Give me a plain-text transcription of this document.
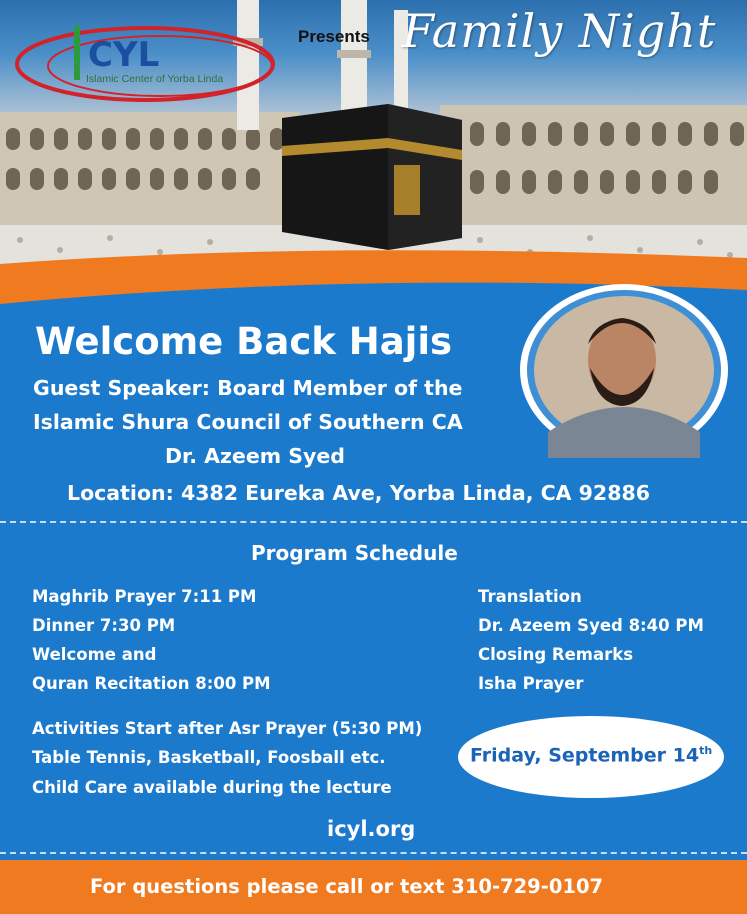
CYL
Islamic Center of Yorba Linda
Presents Family Night
Welcome Back Hajis
Guest Speaker: Board Member of the
Islamic Shura Council of Southern CA
Dr. Azeem Syed
Location: 4382 Eureka Ave, Yorba Linda, CA 92886
Program Schedule
Maghrib Prayer 7:11 PM
Dinner 7:30 PM
Welcome and
Quran Recitation 8:00 PM
Translation
Dr. Azeem Syed 8:40 PM
Closing Remarks
Isha Prayer
Activities Start after Asr Prayer (5:30 PM)
Table Tennis, Basketball, Foosball etc.
Child Care available during the lecture
Friday, September 14th
icyl.org
For questions please call or text 310-729-0107
